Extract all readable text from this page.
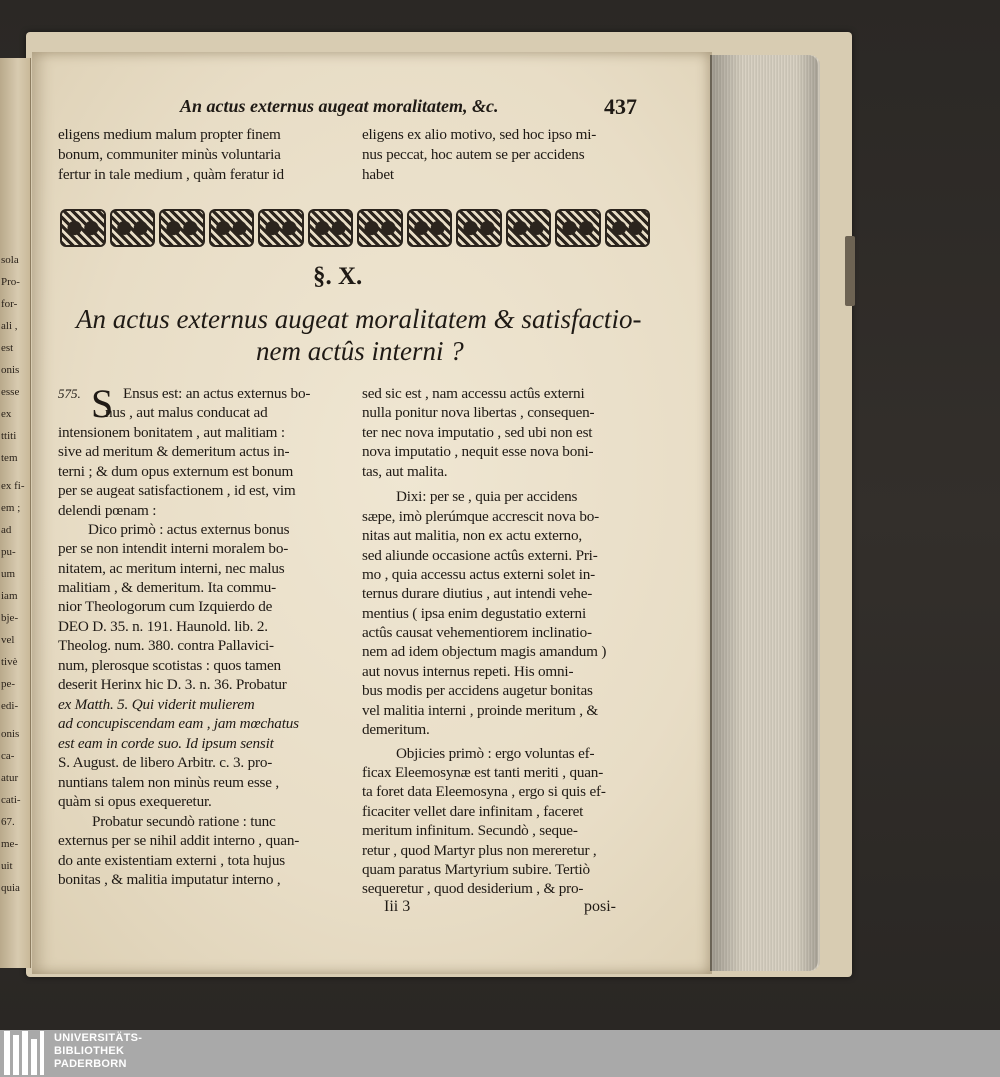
sola
Pro-
for-
ali ,
est
onis
esse
ex
ttiti
tem
ex fi-
em ;
ad
pu-
um
iam
bje-
vel
tivè
pe-
edi-
onis
ca-
atur
cati-
67.
me-
uit
quia
An actus externus augeat moralitatem, &c.	437
eligens medium malum propter finem
bonum, communiter minùs voluntaria
fertur in tale medium , quàm feratur id
eligens ex alio motivo, sed hoc ipso mi-
nus peccat, hoc autem se per accidens
habet
§. X.
An actus externus augeat moralitatem & satisfactio-
nem actûs interni ?
575. S Ensus est: an actus externus bo-
nus , aut malus conducat ad
intensionem bonitatem , aut malitiam :
sive ad meritum & demeritum actus in-
terni ; & dum opus externum est bonum
per se augeat satisfactionem , id est, vim
delendi pœnam :
Dico primò : actus externus bonus
per se non intendit interni moralem bo-
nitatem, ac meritum interni, nec malus
malitiam , & demeritum. Ita commu-
nior Theologorum cum Izquierdo de
DEO D. 35. n. 191. Haunold. lib. 2.
Theolog. num. 380. contra Pallavici-
num, plerosque scotistas : quos tamen
deserit Herinx hic D. 3. n. 36. Probatur
ex Matth. 5. Qui viderit mulierem
ad concupiscendam eam , jam mœchatus
est eam in corde suo. Id ipsum sensit
S. August. de libero Arbitr. c. 3. pro-
nuntians talem non minùs reum esse ,
quàm si opus exequeretur.
Probatur secundò ratione : tunc
externus per se nihil addit interno , quan-
do ante existentiam externi , tota hujus
bonitas , & malitia imputatur interno ,
sed sic est , nam accessu actûs externi
nulla ponitur nova libertas , consequen-
ter nec nova imputatio , sed ubi non est
nova imputatio , nequit esse nova boni-
tas, aut malita.
Dixi: per se , quia per accidens
sæpe, imò plerúmque accrescit nova bo-
nitas aut malitia, non ex actu externo,
sed aliunde occasione actûs externi. Pri-
mo , quia accessu actus externi solet in-
ternus durare diutius , aut intendi vehe-
mentius ( ipsa enim degustatio externi
actûs causat vehementiorem inclinatio-
nem ad idem objectum magis amandum )
aut novus internus repeti. His omni-
bus modis per accidens augetur bonitas
vel malitia interni , proinde meritum , &
demeritum.
Objicies primò : ergo voluntas ef-
ficax Eleemosynæ est tanti meriti , quan-
ta foret data Eleemosyna , ergo si quis ef-
ficaciter vellet dare infinitam , faceret
meritum infinitum. Secundò , seque-
retur , quod Martyr plus non mereretur ,
quam paratus Martyrium subire. Tertiò
sequeretur , quod desiderium , & pro-
Iii 3	posi-
UNIVERSITÄTS-
BIBLIOTHEK
PADERBORN
